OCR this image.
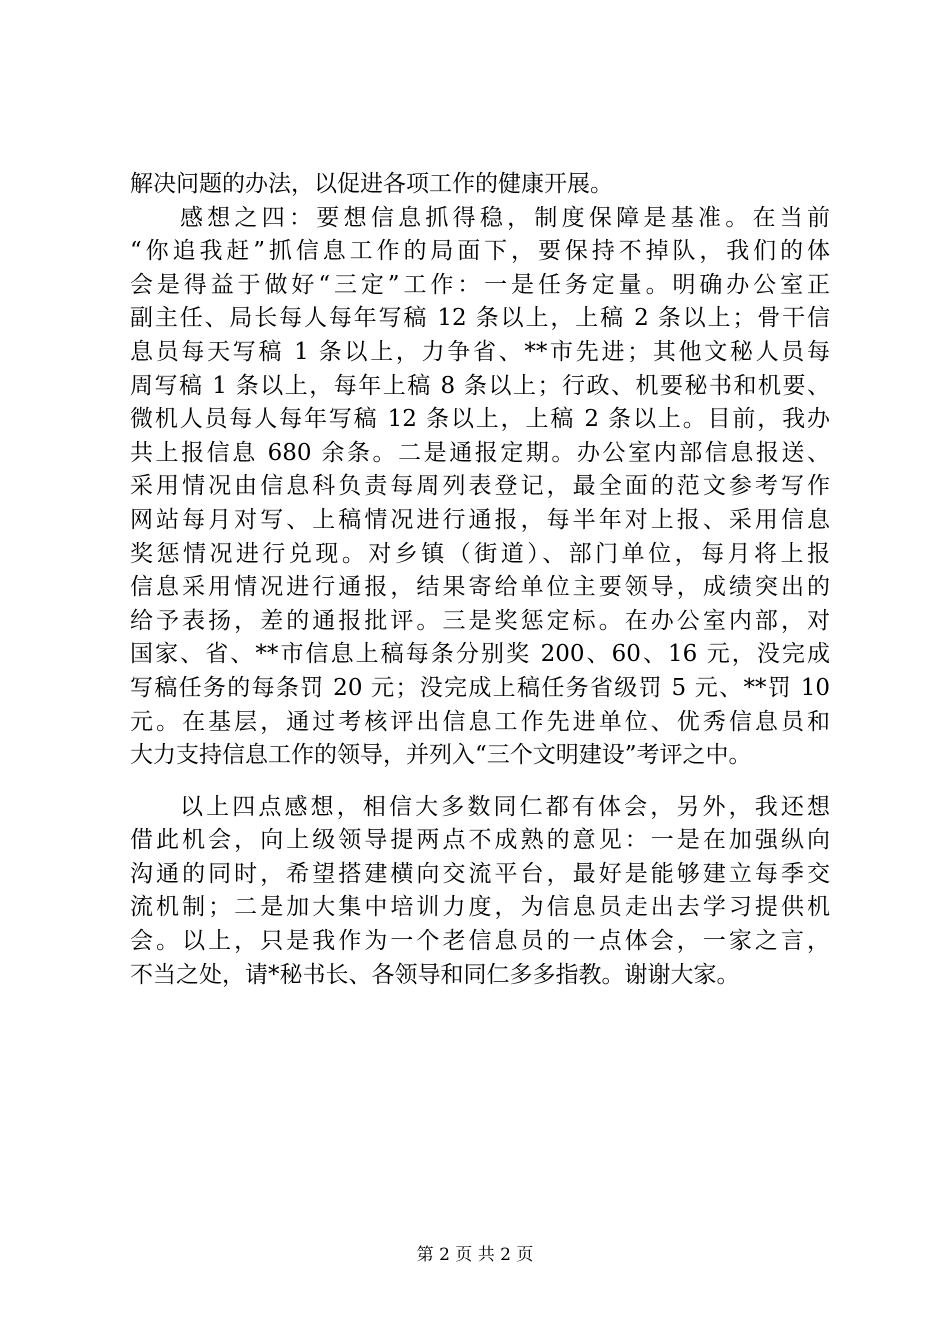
解决问题的办法，以促进各项工作的健康开展。
感想之四：要想信息抓得稳，制度保障是基准。在当前
“你追我赶”抓信息工作的局面下，要保持不掉队，我们的体
会是得益于做好“三定”工作：一是任务定量。明确办公室正
副主任、局长每人每年写稿 12 条以上，上稿 2 条以上；骨干信
息员每天写稿 1 条以上，力争省、**市先进；其他文秘人员每
周写稿 1 条以上，每年上稿 8 条以上；行政、机要秘书和机要、
微机人员每人每年写稿 12 条以上，上稿 2 条以上。目前，我办
共上报信息 680 余条。二是通报定期。办公室内部信息报送、
采用情况由信息科负责每周列表登记，最全面的范文参考写作
网站每月对写、上稿情况进行通报，每半年对上报、采用信息
奖惩情况进行兑现。对乡镇（街道）、部门单位，每月将上报
信息采用情况进行通报，结果寄给单位主要领导，成绩突出的
给予表扬，差的通报批评。三是奖惩定标。在办公室内部，对
国家、省、**市信息上稿每条分别奖 200、60、16 元，没完成
写稿任务的每条罚 20 元；没完成上稿任务省级罚 5 元、**罚 10
元。在基层，通过考核评出信息工作先进单位、优秀信息员和
大力支持信息工作的领导，并列入“三个文明建设”考评之中。
以上四点感想，相信大多数同仁都有体会，另外，我还想
借此机会，向上级领导提两点不成熟的意见：一是在加强纵向
沟通的同时，希望搭建横向交流平台，最好是能够建立每季交
流机制；二是加大集中培训力度，为信息员走出去学习提供机
会。以上，只是我作为一个老信息员的一点体会，一家之言，
不当之处，请*秘书长、各领导和同仁多多指教。谢谢大家。
第 2 页 共 2 页
